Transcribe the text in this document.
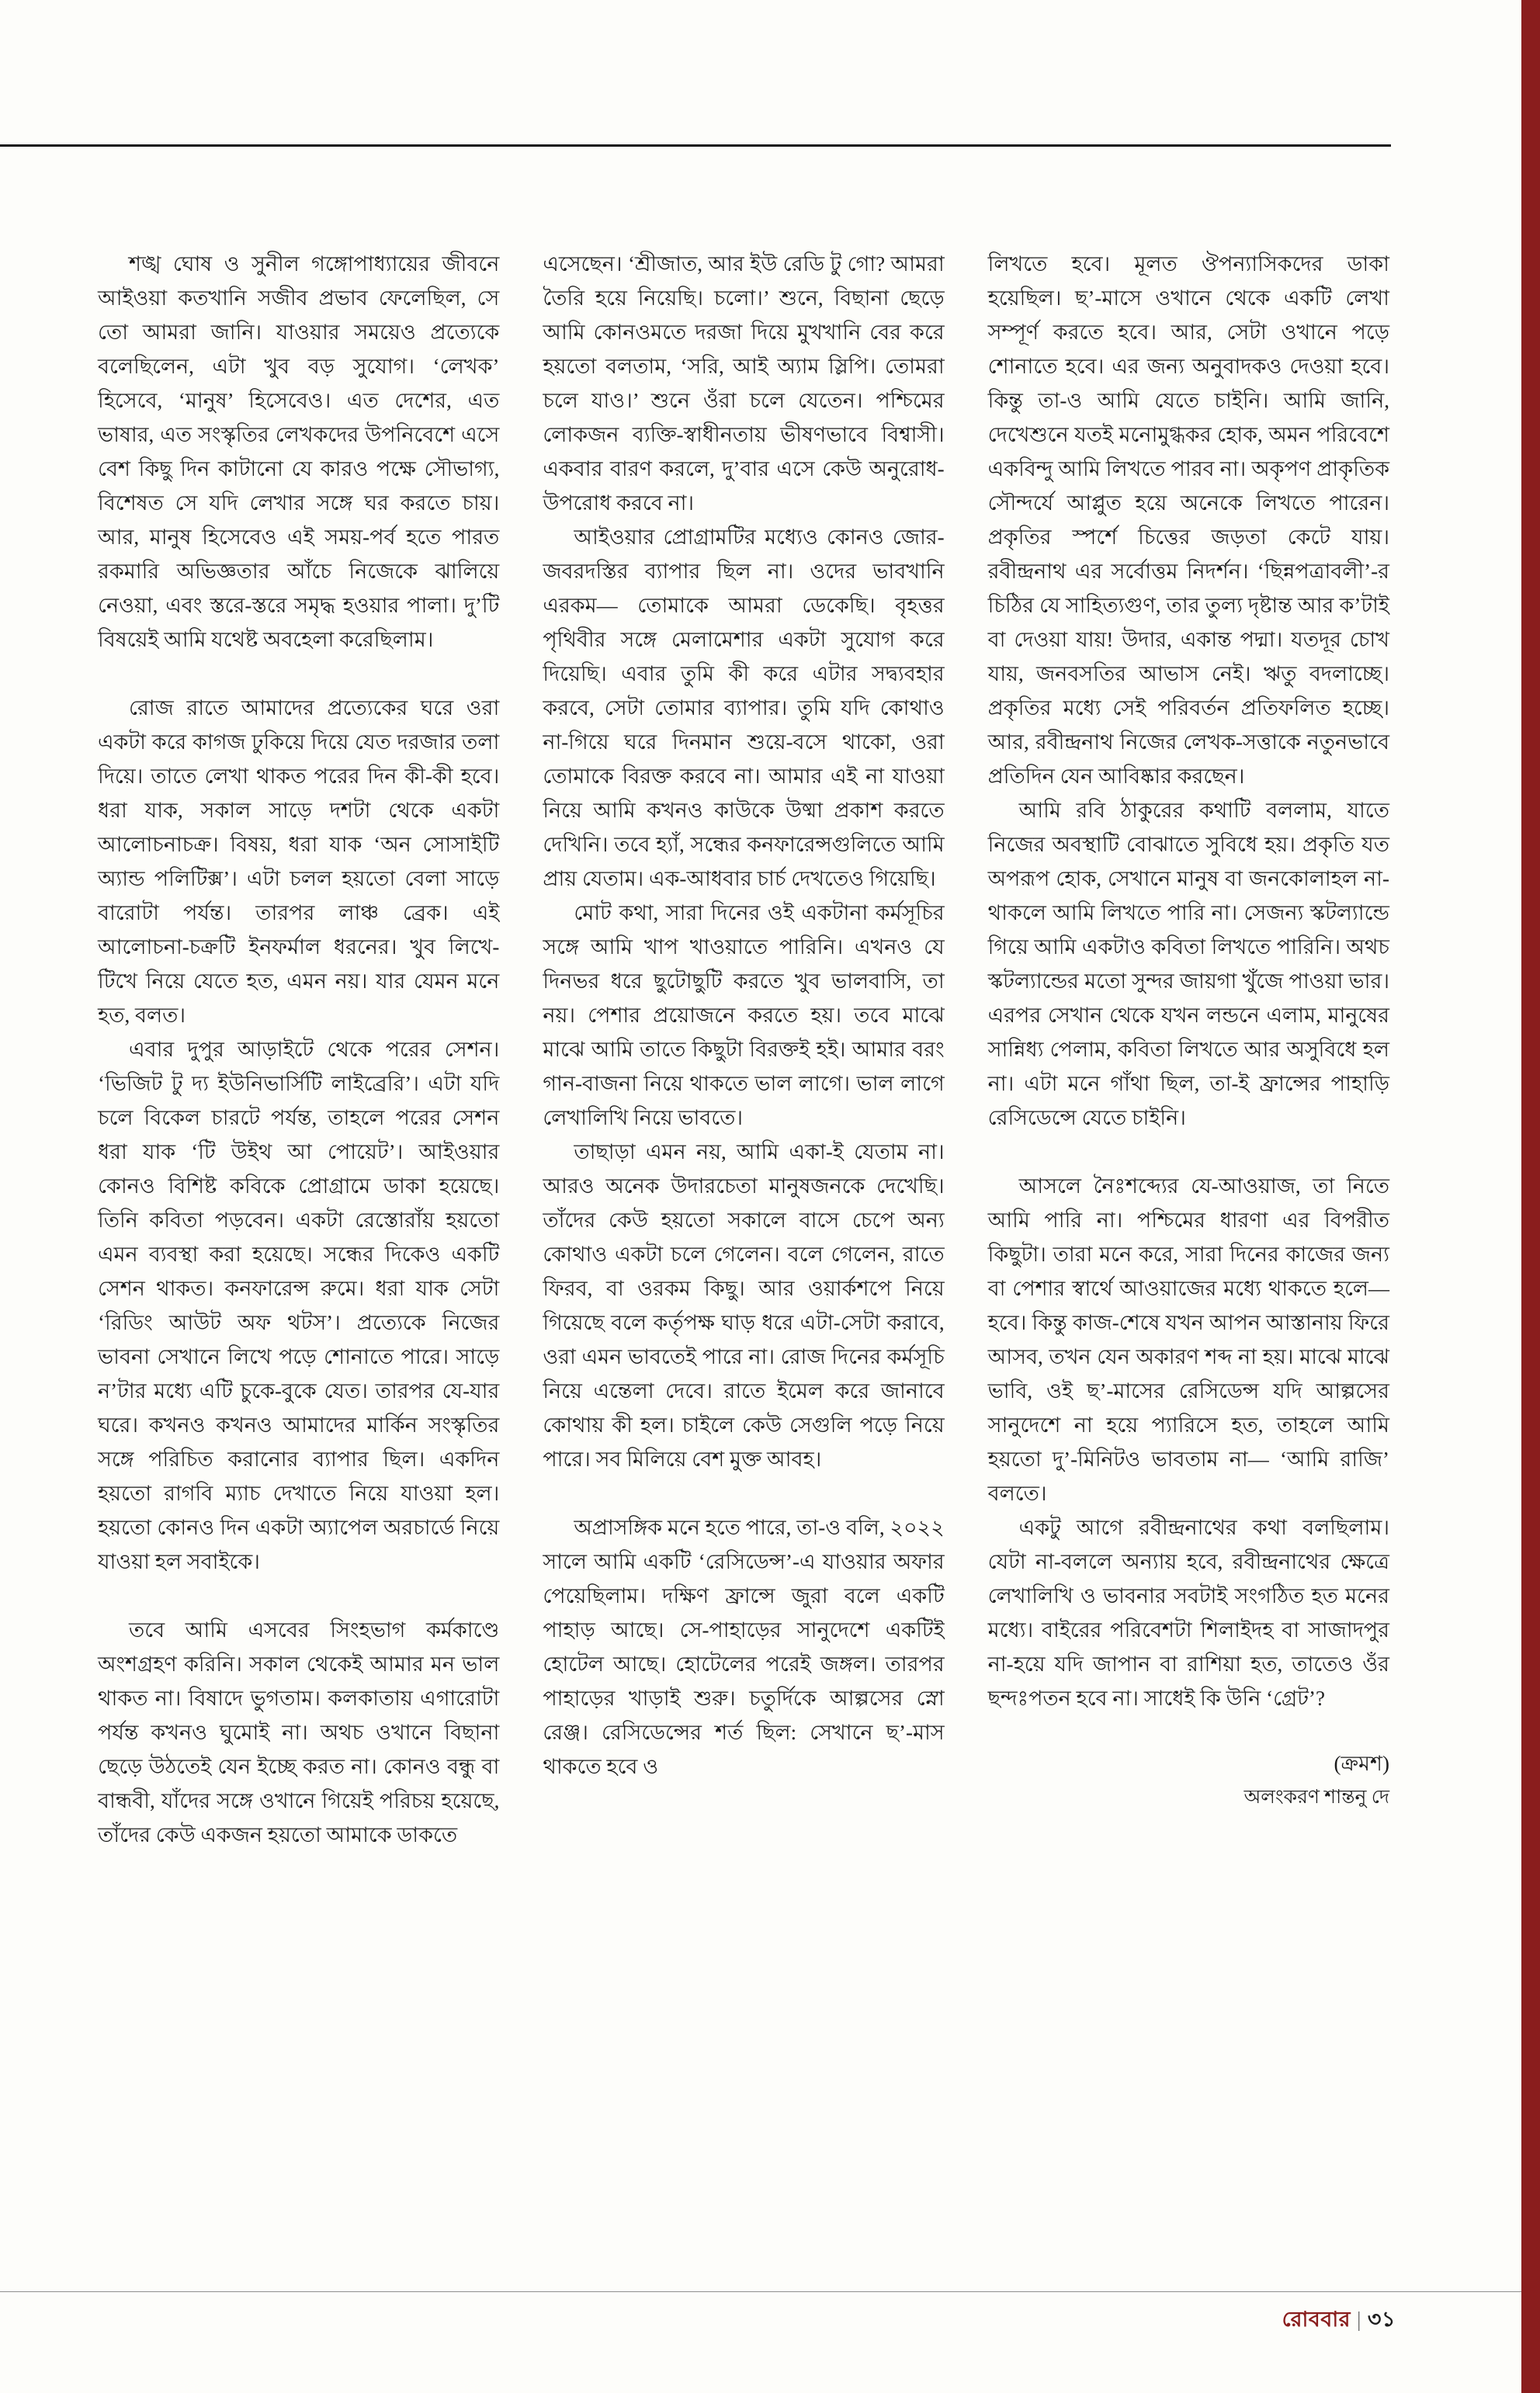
শঙ্খ ঘোষ ও সুনীল গঙ্গোপাধ্যায়ের জীবনে আইওয়া কতখানি সজীব প্রভাব ফেলেছিল, সে তো আমরা জানি। যাওয়ার সময়েও প্রত্যেকে বলেছিলেন, এটা খুব বড় সুযোগ। ‘লেখক’ হিসেবে, ‘মানুষ’ হিসেবেও। এত দেশের, এত ভাষার, এত সংস্কৃতির লেখকদের উপনিবেশে এসে বেশ কিছু দিন কাটানো যে কারও পক্ষে সৌভাগ্য, বিশেষত সে যদি লেখার সঙ্গে ঘর করতে চায়। আর, মানুষ হিসেবেও এই সময়-পর্ব হতে পারত রকমারি অভিজ্ঞতার আঁচে নিজেকে ঝালিয়ে নেওয়া, এবং স্তরে-স্তরে সমৃদ্ধ হওয়ার পালা। দু’টি বিষয়েই আমি যথেষ্ট অবহেলা করেছিলাম।

রোজ রাতে আমাদের প্রত্যেকের ঘরে ওরা একটা করে কাগজ ঢুকিয়ে দিয়ে যেত দরজার তলা দিয়ে। তাতে লেখা থাকত পরের দিন কী-কী হবে। ধরা যাক, সকাল সাড়ে দশটা থেকে একটা আলোচনাচক্র। বিষয়, ধরা যাক ‘অন সোসাইটি অ্যান্ড পলিটিক্স’। এটা চলল হয়তো বেলা সাড়ে বারোটা পর্যন্ত। তারপর লাঞ্চ ব্রেক। এই আলোচনা-চক্রটি ইনফর্মাল ধরনের। খুব লিখে-টিখে নিয়ে যেতে হত, এমন নয়। যার যেমন মনে হত, বলত।

এবার দুপুর আড়াইটে থেকে পরের সেশন। ‘ভিজিট টু দ্য ইউনিভার্সিটি লাইব্রেরি’। এটা যদি চলে বিকেল চারটে পর্যন্ত, তাহলে পরের সেশন ধরা যাক ‘টি উইথ আ পোয়েট’। আইওয়ার কোনও বিশিষ্ট কবিকে প্রোগ্রামে ডাকা হয়েছে। তিনি কবিতা পড়বেন। একটা রেস্তোরাঁয় হয়তো এমন ব্যবস্থা করা হয়েছে। সন্ধের দিকেও একটি সেশন থাকত। কনফারেন্স রুমে। ধরা যাক সেটা ‘রিডিং আউট অফ থটস’। প্রত্যেকে নিজের ভাবনা সেখানে লিখে পড়ে শোনাতে পারে। সাড়ে ন’টার মধ্যে এটি চুকে-বুকে যেত। তারপর যে-যার ঘরে। কখনও কখনও আমাদের মার্কিন সংস্কৃতির সঙ্গে পরিচিত করানোর ব্যাপার ছিল। একদিন হয়তো রাগবি ম্যাচ দেখাতে নিয়ে যাওয়া হল। হয়তো কোনও দিন একটা অ্যাপেল অরচার্ডে নিয়ে যাওয়া হল সবাইকে।

তবে আমি এসবের সিংহভাগ কর্মকাণ্ডে অংশগ্রহণ করিনি। সকাল থেকেই আমার মন ভাল থাকত না। বিষাদে ভুগতাম। কলকাতায় এগারোটা পর্যন্ত কখনও ঘুমোই না। অথচ ওখানে বিছানা ছেড়ে উঠতেই যেন ইচ্ছে করত না। কোনও বন্ধু বা বান্ধবী, যাঁদের সঙ্গে ওখানে গিয়েই পরিচয় হয়েছে, তাঁদের কেউ একজন হয়তো আমাকে ডাকতে

এসেছেন। ‘শ্রীজাত, আর ইউ রেডি টু গো? আমরা তৈরি হয়ে নিয়েছি। চলো।’ শুনে, বিছানা ছেড়ে আমি কোনওমতে দরজা দিয়ে মুখখানি বের করে হয়তো বলতাম, ‘সরি, আই অ্যাম স্লিপি। তোমরা চলে যাও।’ শুনে ওঁরা চলে যেতেন। পশ্চিমের লোকজন ব্যক্তি-স্বাধীনতায় ভীষণভাবে বিশ্বাসী। একবার বারণ করলে, দু’বার এসে কেউ অনুরোধ-উপরোধ করবে না।

আইওয়ার প্রোগ্রামটির মধ্যেও কোনও জোর-জবরদস্তির ব্যাপার ছিল না। ওদের ভাবখানি এরকম— তোমাকে আমরা ডেকেছি। বৃহত্তর পৃথিবীর সঙ্গে মেলামেশার একটা সুযোগ করে দিয়েছি। এবার তুমি কী করে এটার সদ্ব্যবহার করবে, সেটা তোমার ব্যাপার। তুমি যদি কোথাও না-গিয়ে ঘরে দিনমান শুয়ে-বসে থাকো, ওরা তোমাকে বিরক্ত করবে না। আমার এই না যাওয়া নিয়ে আমি কখনও কাউকে উষ্মা প্রকাশ করতে দেখিনি। তবে হ্যাঁ, সন্ধের কনফারেন্সগুলিতে আমি প্রায় যেতাম। এক-আধবার চার্চ দেখতেও গিয়েছি।

মোট কথা, সারা দিনের ওই একটানা কর্মসূচির সঙ্গে আমি খাপ খাওয়াতে পারিনি। এখনও যে দিনভর ধরে ছুটোছুটি করতে খুব ভালবাসি, তা নয়। পেশার প্রয়োজনে করতে হয়। তবে মাঝে মাঝে আমি তাতে কিছুটা বিরক্তই হই। আমার বরং গান-বাজনা নিয়ে থাকতে ভাল লাগে। ভাল লাগে লেখালিখি নিয়ে ভাবতে।

তাছাড়া এমন নয়, আমি একা-ই যেতাম না। আরও অনেক উদারচেতা মানুষজনকে দেখেছি। তাঁদের কেউ হয়তো সকালে বাসে চেপে অন্য কোথাও একটা চলে গেলেন। বলে গেলেন, রাতে ফিরব, বা ওরকম কিছু। আর ওয়ার্কশপে নিয়ে গিয়েছে বলে কর্তৃপক্ষ ঘাড় ধরে এটা-সেটা করাবে, ওরা এমন ভাবতেই পারে না। রোজ দিনের কর্মসূচি নিয়ে এন্তেলা দেবে। রাতে ইমেল করে জানাবে কোথায় কী হল। চাইলে কেউ সেগুলি পড়ে নিয়ে পারে। সব মিলিয়ে বেশ মুক্ত আবহ।

অপ্রাসঙ্গিক মনে হতে পারে, তা-ও বলি, ২০২২ সালে আমি একটি ‘রেসিডেন্স’-এ যাওয়ার অফার পেয়েছিলাম। দক্ষিণ ফ্রান্সে জুরা বলে একটি পাহাড় আছে। সে-পাহাড়ের সানুদেশে একটিই হোটেল আছে। হোটেলের পরেই জঙ্গল। তারপর পাহাড়ের খাড়াই শুরু। চতুর্দিকে আল্পসের স্নো রেঞ্জ। রেসিডেন্সের শর্ত ছিল: সেখানে ছ’-মাস থাকতে হবে ও

লিখতে হবে। মূলত ঔপন্যাসিকদের ডাকা হয়েছিল। ছ’-মাসে ওখানে থেকে একটি লেখা সম্পূর্ণ করতে হবে। আর, সেটা ওখানে পড়ে শোনাতে হবে। এর জন্য অনুবাদকও দেওয়া হবে। কিন্তু তা-ও আমি যেতে চাইনি। আমি জানি, দেখেশুনে যতই মনোমুগ্ধকর হোক, অমন পরিবেশে একবিন্দু আমি লিখতে পারব না। অকৃপণ প্রাকৃতিক সৌন্দর্যে আপ্লুত হয়ে অনেকে লিখতে পারেন। প্রকৃতির স্পর্শে চিত্তের জড়তা কেটে যায়। রবীন্দ্রনাথ এর সর্বোত্তম নিদর্শন। ‘ছিন্নপত্রাবলী’-র চিঠির যে সাহিত্যগুণ, তার তুল্য দৃষ্টান্ত আর ক’টাই বা দেওয়া যায়! উদার, একান্ত পদ্মা। যতদূর চোখ যায়, জনবসতির আভাস নেই। ঋতু বদলাচ্ছে। প্রকৃতির মধ্যে সেই পরিবর্তন প্রতিফলিত হচ্ছে। আর, রবীন্দ্রনাথ নিজের লেখক-সত্তাকে নতুনভাবে প্রতিদিন যেন আবিষ্কার করছেন।

আমি রবি ঠাকুরের কথাটি বললাম, যাতে নিজের অবস্থাটি বোঝাতে সুবিধে হয়। প্রকৃতি যত অপরূপ হোক, সেখানে মানুষ বা জনকোলাহল না-থাকলে আমি লিখতে পারি না। সেজন্য স্কটল্যান্ডে গিয়ে আমি একটাও কবিতা লিখতে পারিনি। অথচ স্কটল্যান্ডের মতো সুন্দর জায়গা খুঁজে পাওয়া ভার। এরপর সেখান থেকে যখন লন্ডনে এলাম, মানুষের সান্নিধ্য পেলাম, কবিতা লিখতে আর অসুবিধে হল না। এটা মনে গাঁথা ছিল, তা-ই ফ্রান্সের পাহাড়ি রেসিডেন্সে যেতে চাইনি।

আসলে নৈঃশব্দ্যের যে-আওয়াজ, তা নিতে আমি পারি না। পশ্চিমের ধারণা এর বিপরীত কিছুটা। তারা মনে করে, সারা দিনের কাজের জন্য বা পেশার স্বার্থে আওয়াজের মধ্যে থাকতে হলে— হবে। কিন্তু কাজ-শেষে যখন আপন আস্তানায় ফিরে আসব, তখন যেন অকারণ শব্দ না হয়। মাঝে মাঝে ভাবি, ওই ছ’-মাসের রেসিডেন্স যদি আল্পসের সানুদেশে না হয়ে প্যারিসে হত, তাহলে আমি হয়তো দু’-মিনিটও ভাবতাম না— ‘আমি রাজি’ বলতে।

একটু আগে রবীন্দ্রনাথের কথা বলছিলাম। যেটা না-বললে অন্যায় হবে, রবীন্দ্রনাথের ক্ষেত্রে লেখালিখি ও ভাবনার সবটাই সংগঠিত হত মনের মধ্যে। বাইরের পরিবেশটা শিলাইদহ বা সাজাদপুর না-হয়ে যদি জাপান বা রাশিয়া হত, তাতেও ওঁর ছন্দঃপতন হবে না। সাধেই কি উনি ‘গ্রেট’?

(ক্রমশ)

অলংকরণ শান্তনু দে

রোববার | ৩১
